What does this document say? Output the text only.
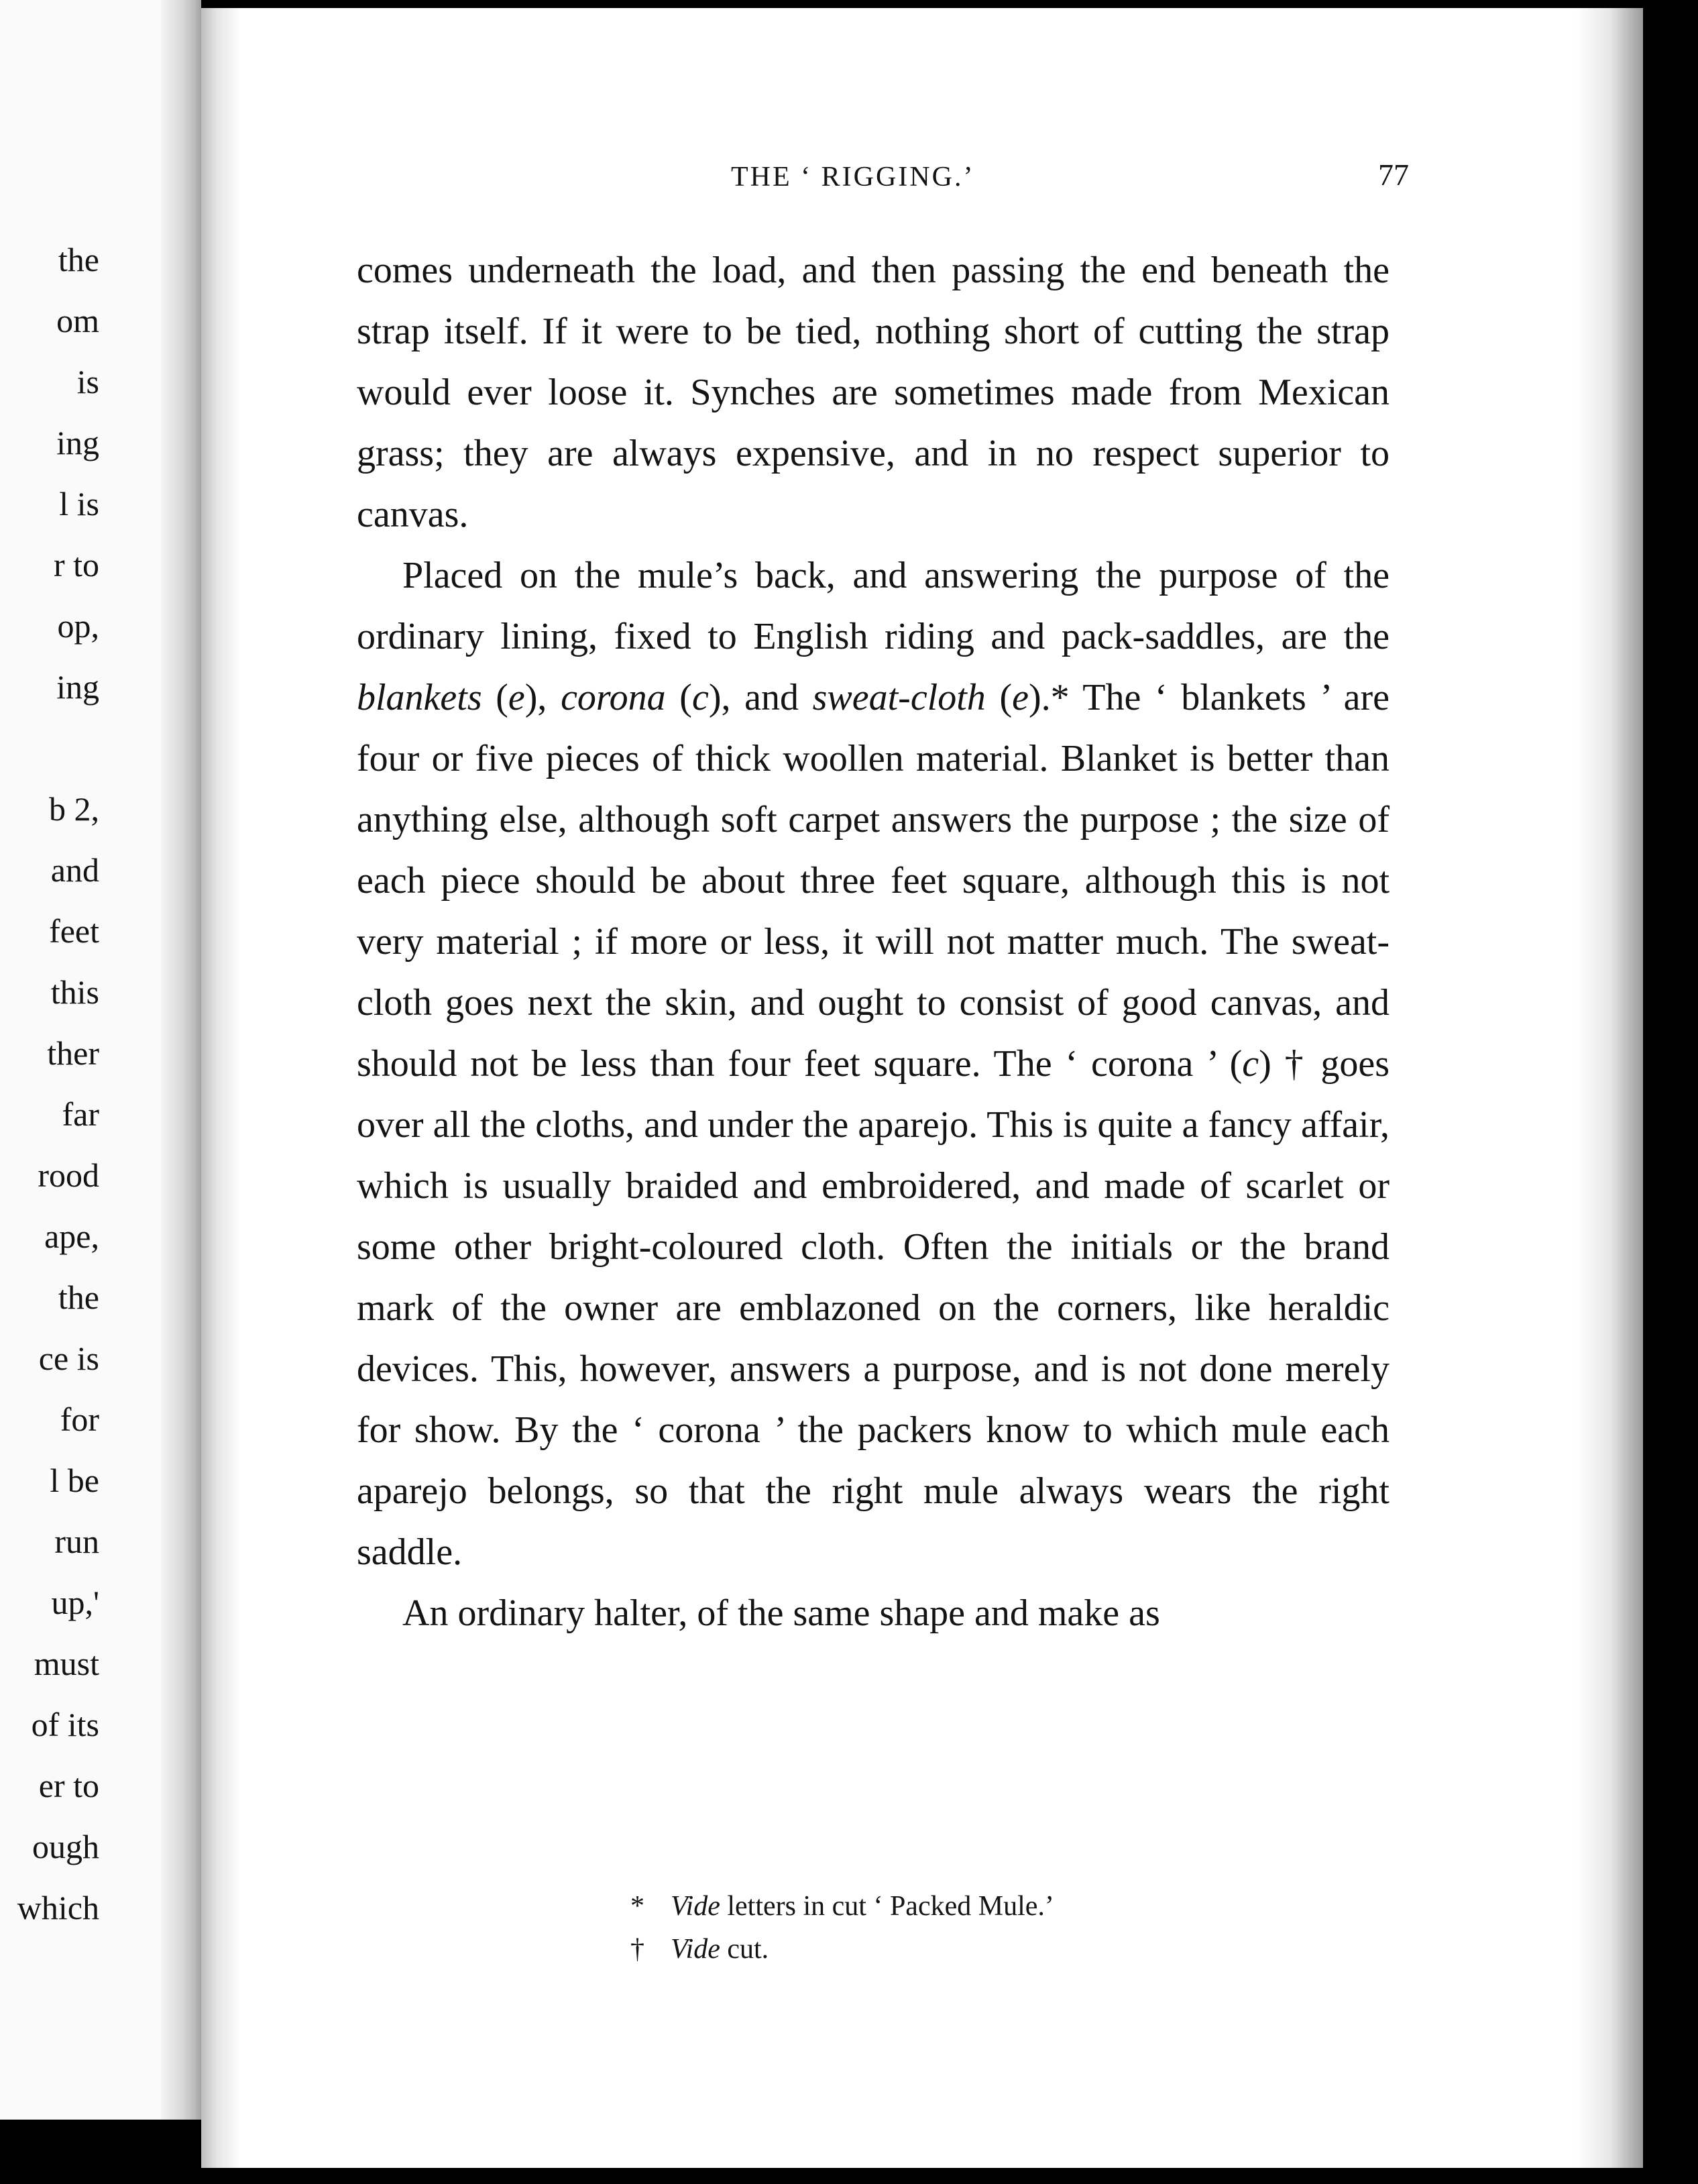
the
om
is
ing
l is
r to
op,
ing
b 2,
and
feet
this
ther
far
rood
ape,
the
ce is
for
l be
run
up,'
must
of its
er to
ough
which
THE ‘ RIGGING.’	77

comes underneath the load, and then passing the end beneath the strap itself. If it were to be tied, nothing short of cutting the strap would ever loose it. Synches are sometimes made from Mexican grass; they are always expensive, and in no respect superior to canvas.

Placed on the mule’s back, and answering the purpose of the ordinary lining, fixed to English riding and pack-saddles, are the blankets (e), corona (c), and sweat-cloth (e).* The ‘ blankets ’ are four or five pieces of thick woollen material. Blanket is better than anything else, although soft carpet answers the purpose ; the size of each piece should be about three feet square, although this is not very material ; if more or less, it will not matter much. The sweat-cloth goes next the skin, and ought to consist of good canvas, and should not be less than four feet square. The ‘ corona ’ (c) † goes over all the cloths, and under the aparejo. This is quite a fancy affair, which is usually braided and embroidered, and made of scarlet or some other bright-coloured cloth. Often the initials or the brand mark of the owner are emblazoned on the corners, like heraldic devices. This, however, answers a purpose, and is not done merely for show. By the ‘ corona ’ the packers know to which mule each aparejo belongs, so that the right mule always wears the right saddle.

An ordinary halter, of the same shape and make as

* Vide letters in cut ‘ Packed Mule.’
† Vide cut.
